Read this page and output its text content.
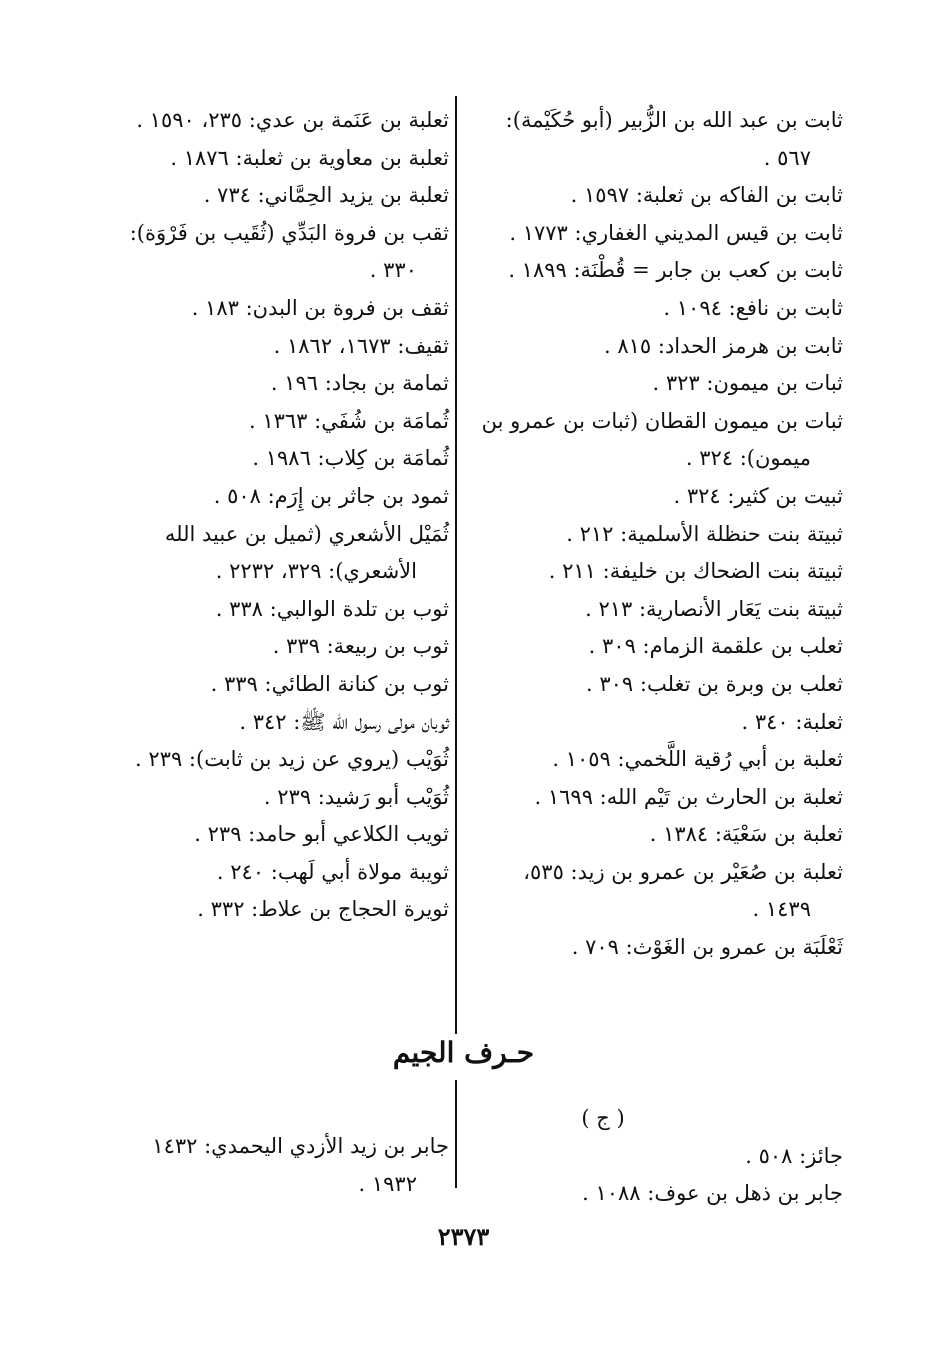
ثابت بن عبد الله بن الزُّبير (أبو حُكَيْمة):
٥٦٧ .
ثابت بن الفاكه بن ثعلبة: ١٥٩٧ .
ثابت بن قيس المديني الغفاري: ١٧٧٣ .
ثابت بن كعب بن جابر = قُطْنَة: ١٨٩٩ .
ثابت بن نافع: ١٠٩٤ .
ثابت بن هرمز الحداد: ٨١٥ .
ثبات بن ميمون: ٣٢٣ .
ثبات بن ميمون القطان (ثبات بن عمرو بن
ميمون): ٣٢٤ .
ثبيت بن كثير: ٣٢٤ .
ثبيتة بنت حنظلة الأسلمية: ٢١٢ .
ثبيتة بنت الضحاك بن خليفة: ٢١١ .
ثبيتة بنت يَعَار الأنصارية: ٢١٣ .
ثعلب بن علقمة الزمام: ٣٠٩ .
ثعلب بن وبرة بن تغلب: ٣٠٩ .
ثعلبة: ٣٤٠ .
ثعلبة بن أبي رُقية اللَّخمي: ١٠٥٩ .
ثعلبة بن الحارث بن تَيْم الله: ١٦٩٩ .
ثعلبة بن سَعْيَة: ١٣٨٤ .
ثعلبة بن صُعَيْر بن عمرو بن زيد: ٥٣٥،
١٤٣٩ .
ثَعْلَبَة بن عمرو بن الغَوْث: ٧٠٩ .
ثعلبة بن عَنَمة بن عدي: ٢٣٥، ١٥٩٠ .
ثعلبة بن معاوية بن ثعلبة: ١٨٧٦ .
ثعلبة بن يزيد الحِمَّاني: ٧٣٤ .
ثقب بن فروة البَدِّي (ثُقَيب بن فَرْوَة):
٣٣٠ .
ثقف بن فروة بن البدن: ١٨٣ .
ثقيف: ١٦٧٣، ١٨٦٢ .
ثمامة بن بجاد: ١٩٦ .
ثُمامَة بن شُفَي: ١٣٦٣ .
ثُمامَة بن كِلاب: ١٩٨٦ .
ثمود بن جاثر بن إِرَم: ٥٠٨ .
ثُمَيْل الأشعري (ثميل بن عبيد الله
الأشعري): ٣٢٩، ٢٢٣٢ .
ثوب بن تلدة الوالبي: ٣٣٨ .
ثوب بن ربيعة: ٣٣٩ .
ثوب بن كنانة الطائي: ٣٣٩ .
ثوبان مولى رسول الله ﷺ: ٣٤٢ .
ثُوَيْب (يروي عن زيد بن ثابت): ٢٣٩ .
ثُوَيْب أبو رَشيد: ٢٣٩ .
ثويب الكلاعي أبو حامد: ٢٣٩ .
ثويبة مولاة أبي لَهب: ٢٤٠ .
ثويرة الحجاج بن علاط: ٣٣٢ .
حـرف الجيم
( ج )
جائز: ٥٠٨ .
جابر بن ذهل بن عوف: ١٠٨٨ .
جابر بن زيد الأزدي اليحمدي: ١٤٣٢
١٩٣٢ .
٢٣٧٣
